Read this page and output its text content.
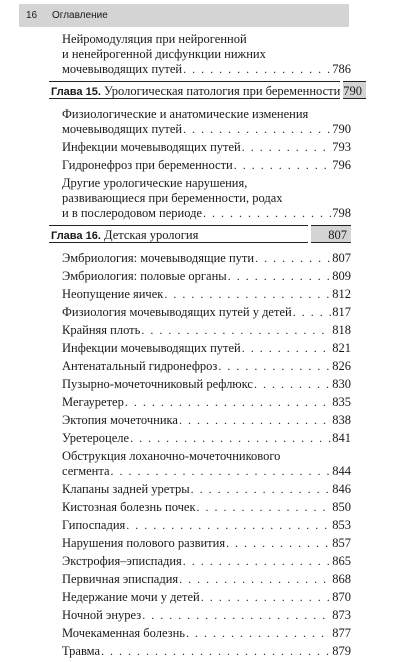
16	Оглавление
Нейромодуляция при нейрогенной
и ненейрогенной дисфункции нижних
мочевыводящих путей . . .	786
Глава 15. Урологическая патология при беременности 790
Физиологические и анатомические изменения
мочевыводящих путей . . .	790
Инфекции мочевыводящих путей . . .	793
Гидронефроз при беременности . . .	796
Другие урологические нарушения,
развивающиеся при беременности, родах
и в послеродовом периоде . . .	798
Глава 16. Детская урология	807
Эмбриология: мочевыводящие пути . . .	807
Эмбриология: половые органы . . .	809
Неопущение яичек . . .	812
Физиология мочевыводящих путей у детей . . .	817
Крайняя плоть . . .	818
Инфекции мочевыводящих путей . . .	821
Антенатальный гидронефроз . . .	826
Пузырно-мочеточниковый рефлюкс . . .	830
Мегауретер . . .	835
Эктопия мочеточника . . .	838
Уретероцеле . . .	841
Обструкция лоханочно-мочеточникового
сегмента . . .	844
Клапаны задней уретры . . .	846
Кистозная болезнь почек . . .	850
Гипоспадия . . .	853
Нарушения полового развития . . .	857
Экстрофия–эписпадия . . .	865
Первичная эписпадия . . .	868
Недержание мочи у детей . . .	870
Ночной энурез . . .	873
Мочекаменная болезнь . . .	877
Травма . . .	879
